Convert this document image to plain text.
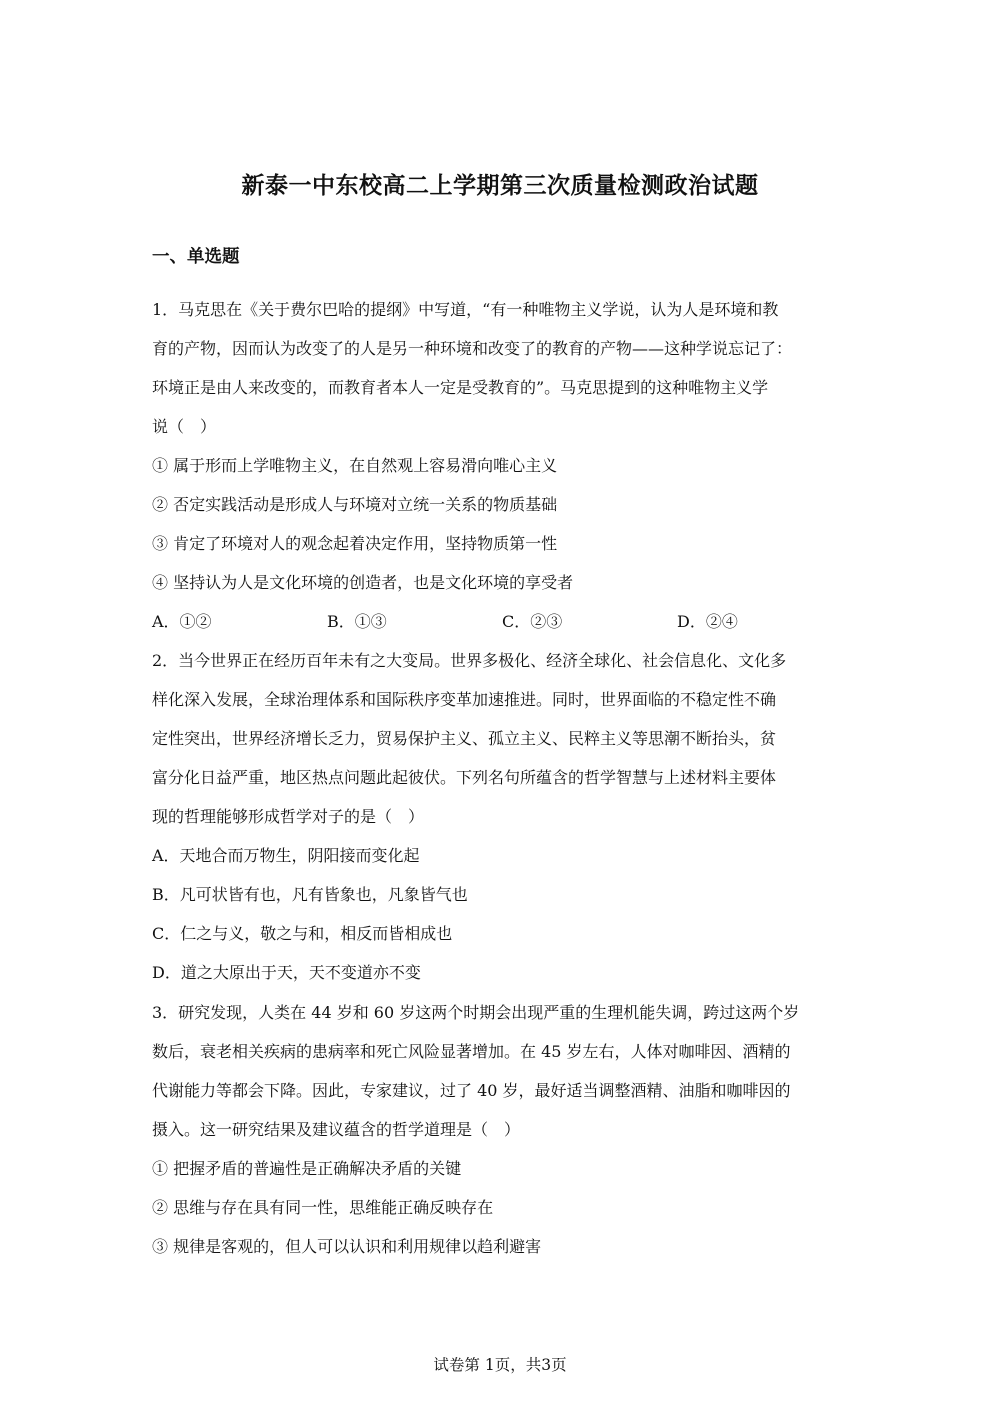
新泰一中东校高二上学期第三次质量检测政治试题
一、单选题
1．马克思在《关于费尔巴哈的提纲》中写道，“有一种唯物主义学说，认为人是环境和教
育的产物，因而认为改变了的人是另一种环境和改变了的教育的产物——这种学说忘记了：
环境正是由人来改变的，而教育者本人一定是受教育的”。马克思提到的这种唯物主义学
说（　）
① 属于形而上学唯物主义，在自然观上容易滑向唯心主义
② 否定实践活动是形成人与环境对立统一关系的物质基础
③ 肯定了环境对人的观念起着决定作用，坚持物质第一性
④ 坚持认为人是文化环境的创造者，也是文化环境的享受者
A．①②	B．①③	C．②③	D．②④
2．当今世界正在经历百年未有之大变局。世界多极化、经济全球化、社会信息化、文化多
样化深入发展，全球治理体系和国际秩序变革加速推进。同时，世界面临的不稳定性不确
定性突出，世界经济增长乏力，贸易保护主义、孤立主义、民粹主义等思潮不断抬头，贫
富分化日益严重，地区热点问题此起彼伏。下列名句所蕴含的哲学智慧与上述材料主要体
现的哲理能够形成哲学对子的是（　）
A．天地合而万物生，阴阳接而变化起
B．凡可状皆有也，凡有皆象也，凡象皆气也
C．仁之与义，敬之与和，相反而皆相成也
D．道之大原出于天，天不变道亦不变
3．研究发现，人类在 44 岁和 60 岁这两个时期会出现严重的生理机能失调，跨过这两个岁
数后，衰老相关疾病的患病率和死亡风险显著增加。在 45 岁左右，人体对咖啡因、酒精的
代谢能力等都会下降。因此，专家建议，过了 40 岁，最好适当调整酒精、油脂和咖啡因的
摄入。这一研究结果及建议蕴含的哲学道理是（　）
① 把握矛盾的普遍性是正确解决矛盾的关键
② 思维与存在具有同一性，思维能正确反映存在
③ 规律是客观的，但人可以认识和利用规律以趋利避害
试卷第 1页，共3页
